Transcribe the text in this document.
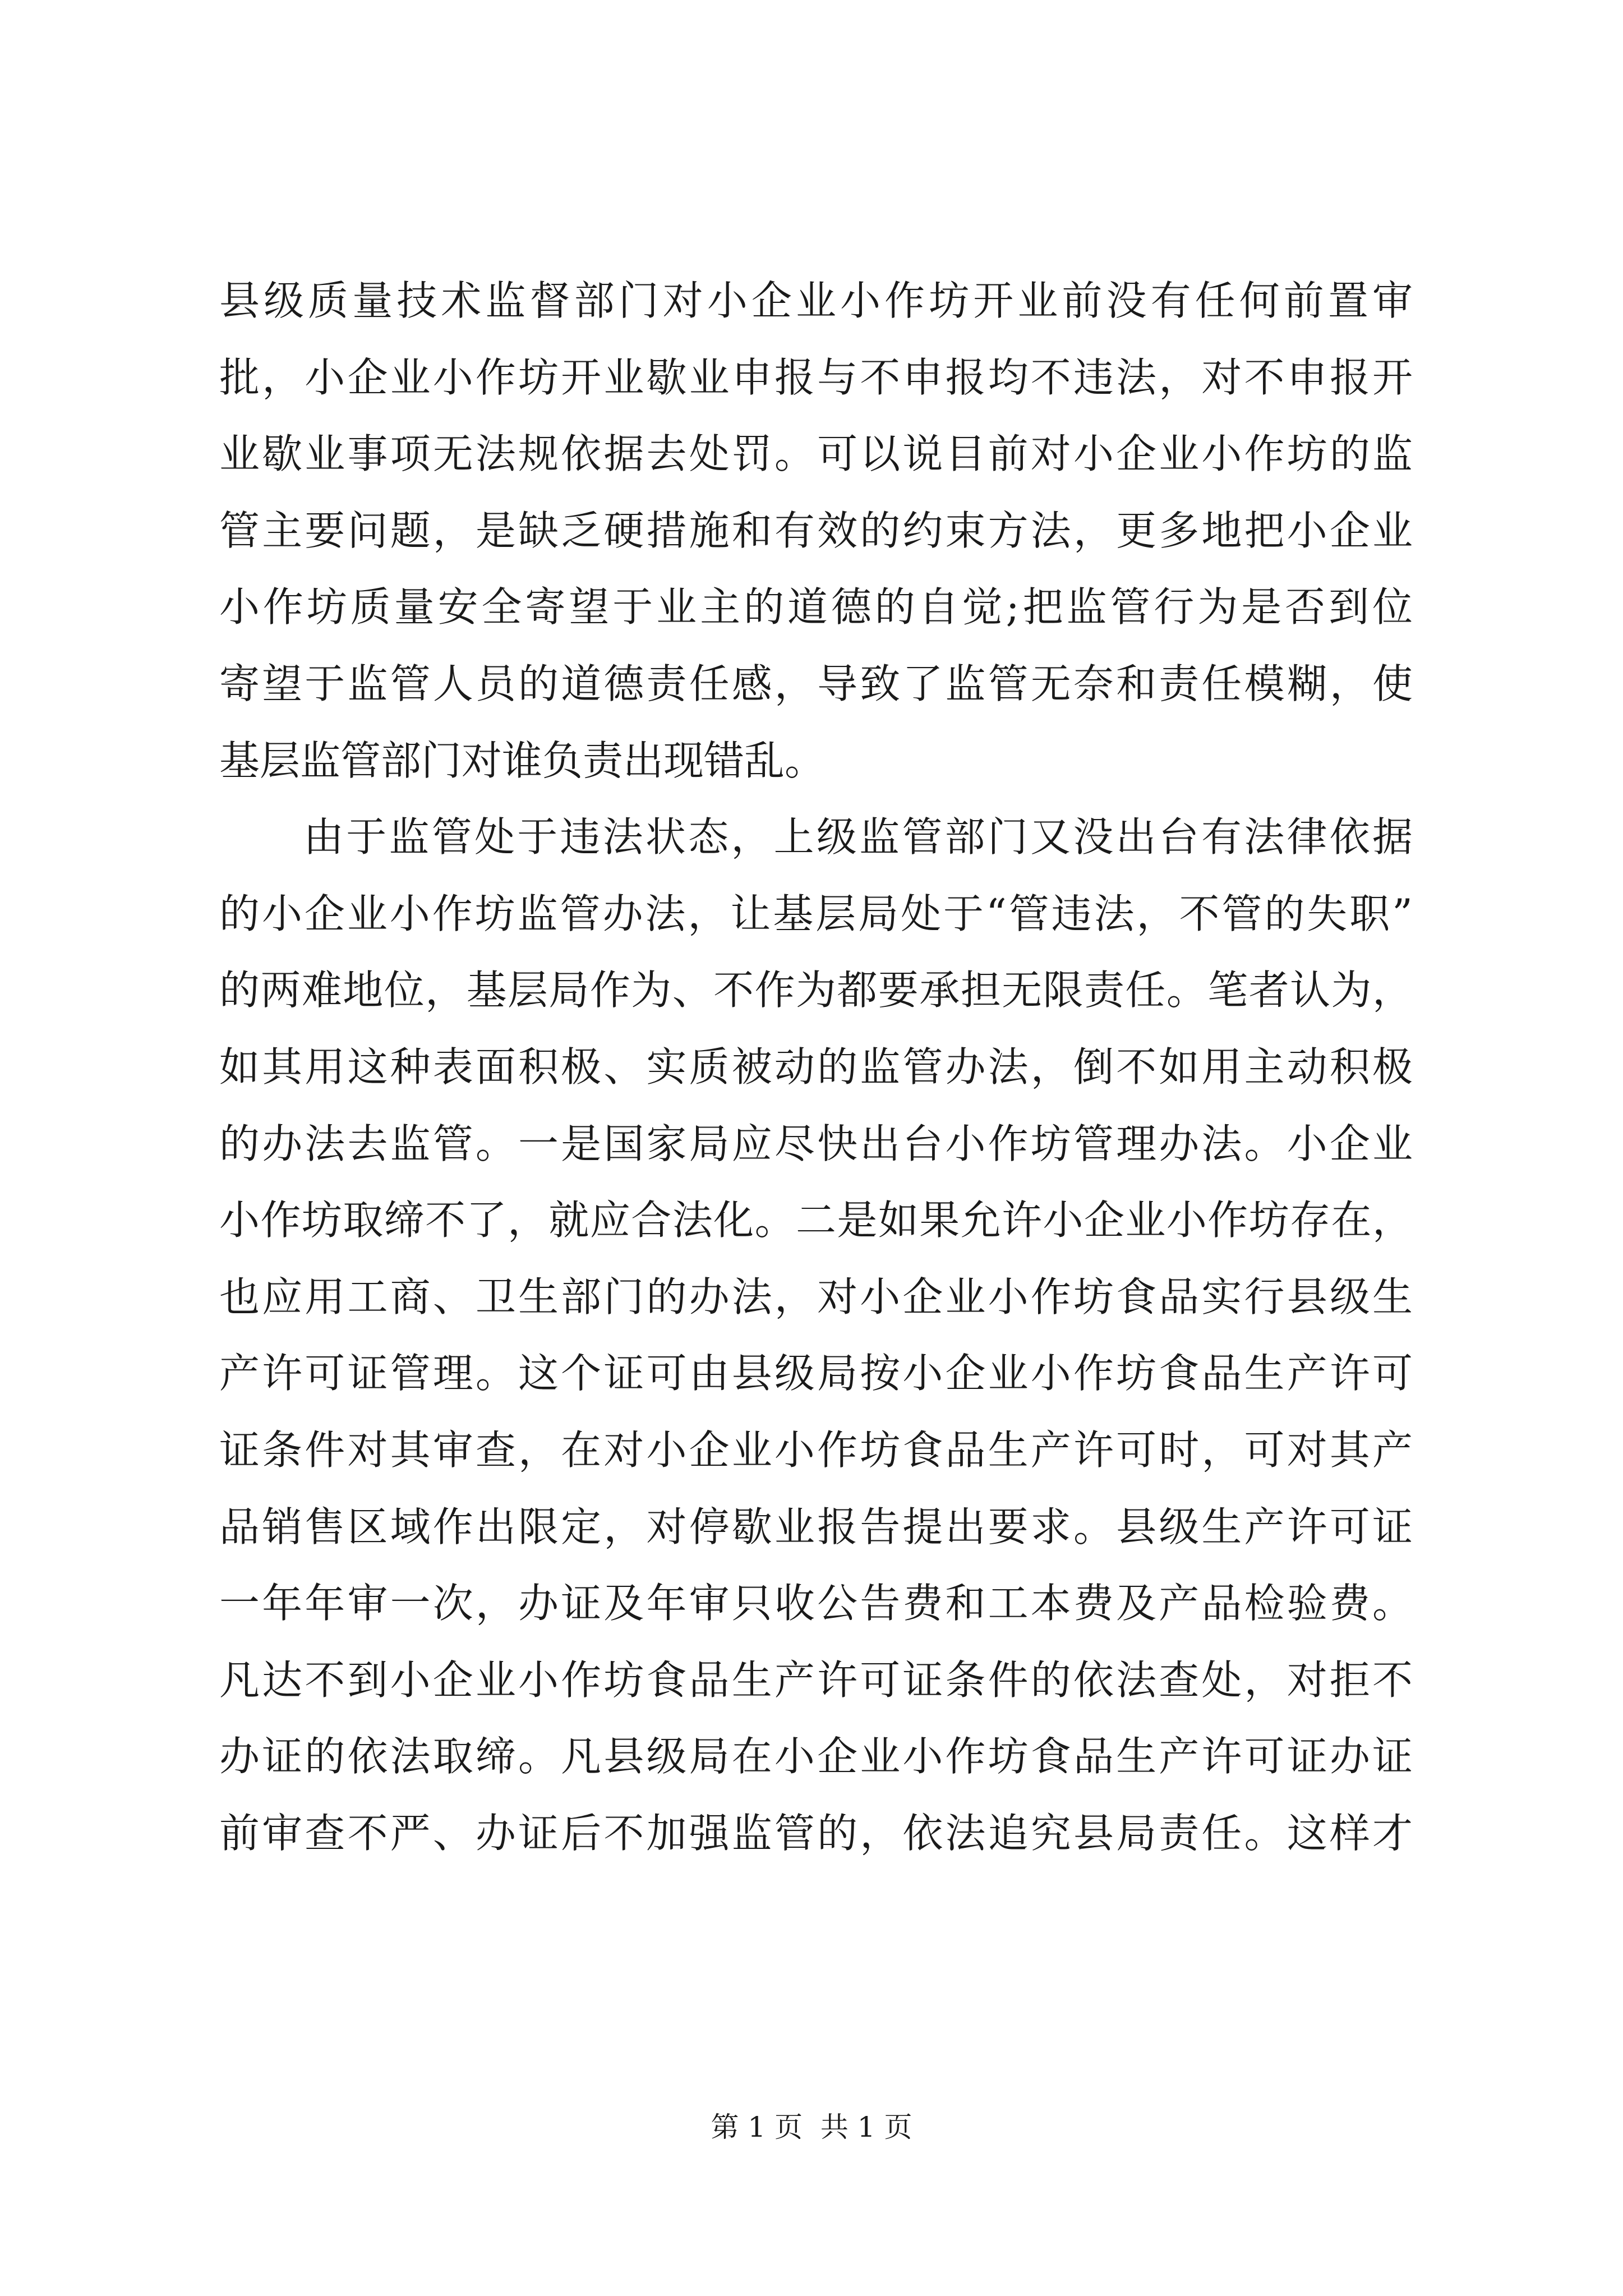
县级质量技术监督部门对小企业小作坊开业前没有任何前置审
批，小企业小作坊开业歇业申报与不申报均不违法，对不申报开
业歇业事项无法规依据去处罚。可以说目前对小企业小作坊的监
管主要问题，是缺乏硬措施和有效的约束方法，更多地把小企业
小作坊质量安全寄望于业主的道德的自觉;把监管行为是否到位
寄望于监管人员的道德责任感，导致了监管无奈和责任模糊，使
基层监管部门对谁负责出现错乱。
由于监管处于违法状态，上级监管部门又没出台有法律依据
的小企业小作坊监管办法，让基层局处于“管违法，不管的失职”
的两难地位，基层局作为、不作为都要承担无限责任。笔者认为，
如其用这种表面积极、实质被动的监管办法，倒不如用主动积极
的办法去监管。一是国家局应尽快出台小作坊管理办法。小企业
小作坊取缔不了，就应合法化。二是如果允许小企业小作坊存在，
也应用工商、卫生部门的办法，对小企业小作坊食品实行县级生
产许可证管理。这个证可由县级局按小企业小作坊食品生产许可
证条件对其审查，在对小企业小作坊食品生产许可时，可对其产
品销售区域作出限定，对停歇业报告提出要求。县级生产许可证
一年年审一次，办证及年审只收公告费和工本费及产品检验费。
凡达不到小企业小作坊食品生产许可证条件的依法查处，对拒不
办证的依法取缔。凡县级局在小企业小作坊食品生产许可证办证
前审查不严、办证后不加强监管的，依法追究县局责任。这样才
第 1 页  共 1 页
